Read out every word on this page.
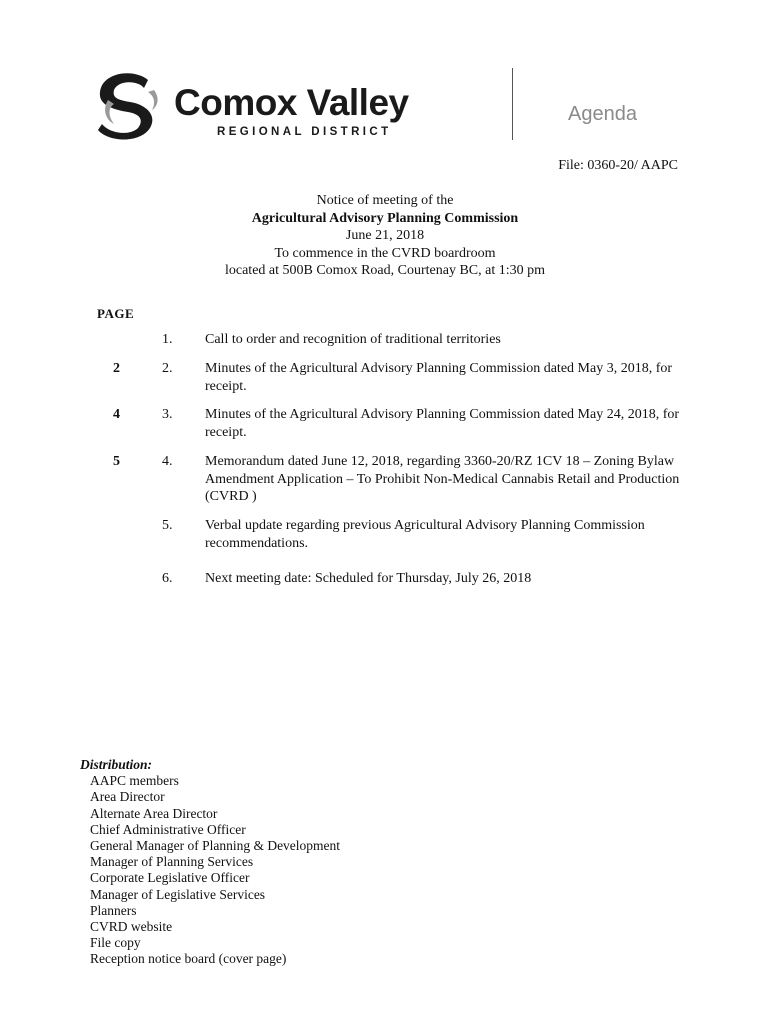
Comox Valley
REGIONAL DISTRICT
Agenda
File: 0360-20/ AAPC
Notice of meeting of the
Agricultural Advisory Planning Commission
June 21, 2018
To commence in the CVRD boardroom
located at 500B Comox Road, Courtenay BC, at 1:30 pm
PAGE
1. Call to order and recognition of traditional territories
2	2. Minutes of the Agricultural Advisory Planning Commission dated May 3, 2018, for receipt.
4	3. Minutes of the Agricultural Advisory Planning Commission dated May 24, 2018, for receipt.
5	4. Memorandum dated June 12, 2018, regarding 3360-20/RZ 1CV 18 – Zoning Bylaw Amendment Application – To Prohibit Non-Medical Cannabis Retail and Production (CVRD )
5. Verbal update regarding previous Agricultural Advisory Planning Commission recommendations.
6. Next meeting date: Scheduled for Thursday, July 26, 2018
Distribution:
AAPC members
Area Director
Alternate Area Director
Chief Administrative Officer
General Manager of Planning & Development
Manager of Planning Services
Corporate Legislative Officer
Manager of Legislative Services
Planners
CVRD website
File copy
Reception notice board (cover page)
